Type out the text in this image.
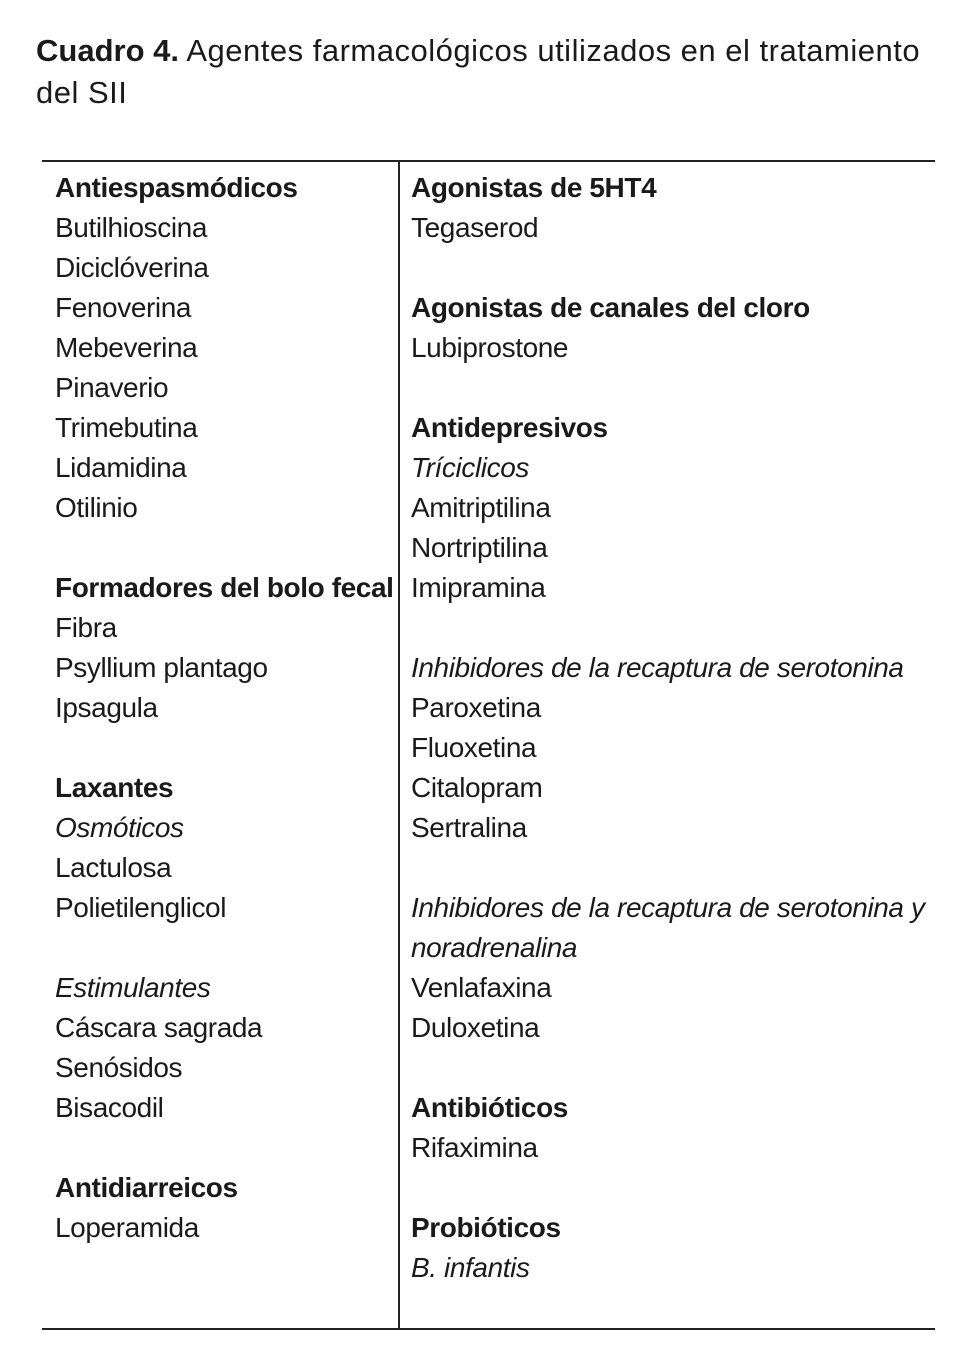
Cuadro 4. Agentes farmacológicos utilizados en el tratamiento del SII
Antiespasmódicos
Butilhioscina
Diciclóverina
Fenoverina
Mebeverina
Pinaverio
Trimebutina
Lidamidina
Otilinio
Formadores del bolo fecal
Fibra
Psyllium plantago
Ipsagula
Laxantes
Osmóticos
Lactulosa
Polietilenglicol
Estimulantes
Cáscara sagrada
Senósidos
Bisacodil
Antidiarreicos
Loperamida
Agonistas de 5HT4
Tegaserod
Agonistas de canales del cloro
Lubiprostone
Antidepresivos
Tríciclicos
Amitriptilina
Nortriptilina
Imipramina
Inhibidores de la recaptura de serotonina
Paroxetina
Fluoxetina
Citalopram
Sertralina
Inhibidores de la recaptura de serotonina y
noradrenalina
Venlafaxina
Duloxetina
Antibióticos
Rifaximina
Probióticos
B. infantis
